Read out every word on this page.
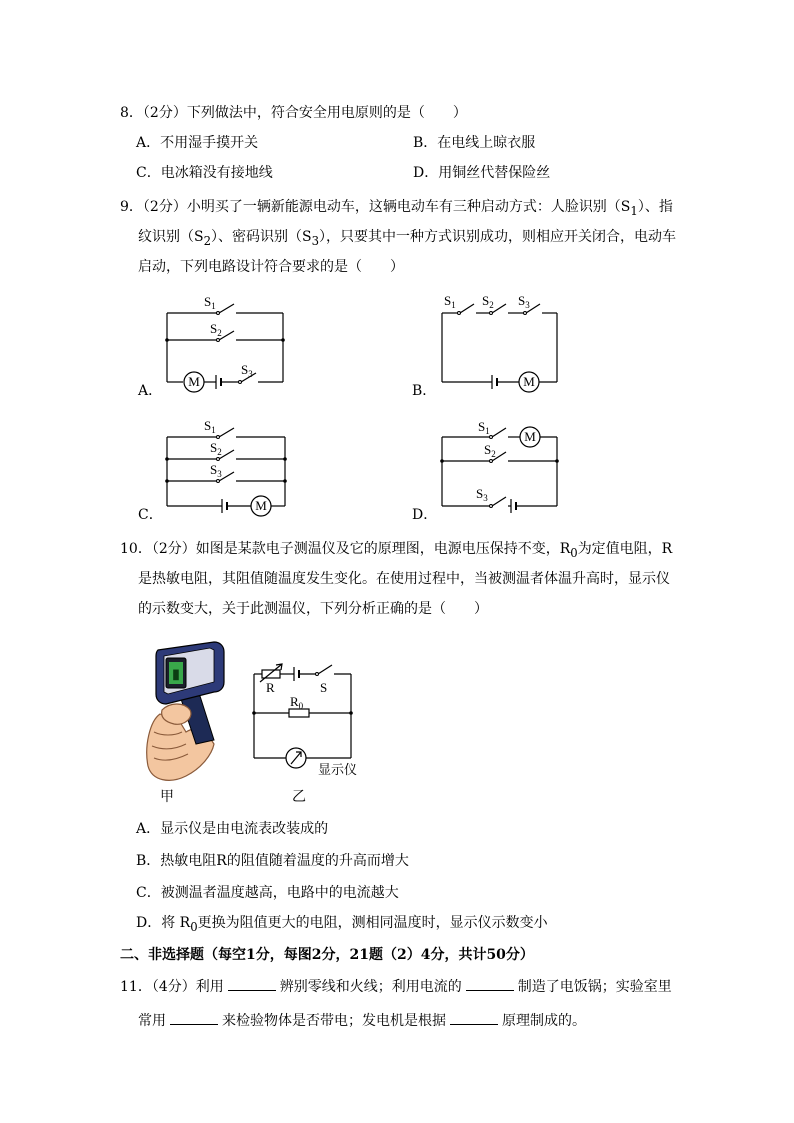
8．（2分）下列做法中，符合安全用电原则的是（　　）
A．不用湿手摸开关	B．在电线上晾衣服
C．电冰箱没有接地线	D．用铜丝代替保险丝
9．（2分）小明买了一辆新能源电动车，这辆电动车有三种启动方式：人脸识别$(S_1)$、指
纹识别$(S_2)$、密码识别$(S_3)$，只要其中一种方式识别成功，则相应开关闭合，电动车
启动，下列电路设计符合要求的是（　　）
M
$S_1$
$S_2$
$S_3$
A．
M
$S_1$ $S_2$ $S_3$
B．
M
$S_1$
$S_2$
$S_3$
C．
M
$S_1$
$S_2$
$S_3$
D．
10．（2分）如图是某款电子测温仪及它的原理图，电源电压保持不变，$R_0$为定值电阻，R
是热敏电阻，其阻值随温度发生变化。在使用过程中，当被测温者体温升高时，显示仪
的示数变大，关于此测温仪，下列分析正确的是（　　）
█
甲
R	S
$R_0$
显示仪
乙
A．显示仪是由电流表改装成的
B．热敏电阻R的阻值随着温度的升高而增大
C．被测温者温度越高，电路中的电流越大
D．将 $R_0$更换为阻值更大的电阻，测相同温度时，显示仪示数变小
二、非选择题（每空1分，每图2分，21题（2）4分，共计50分）
11．（4分）利用	辨别零线和火线；利用电流的	制造了电饭锅；实验室里
常用	来检验物体是否带电；发电机是根据	原理制成的。
